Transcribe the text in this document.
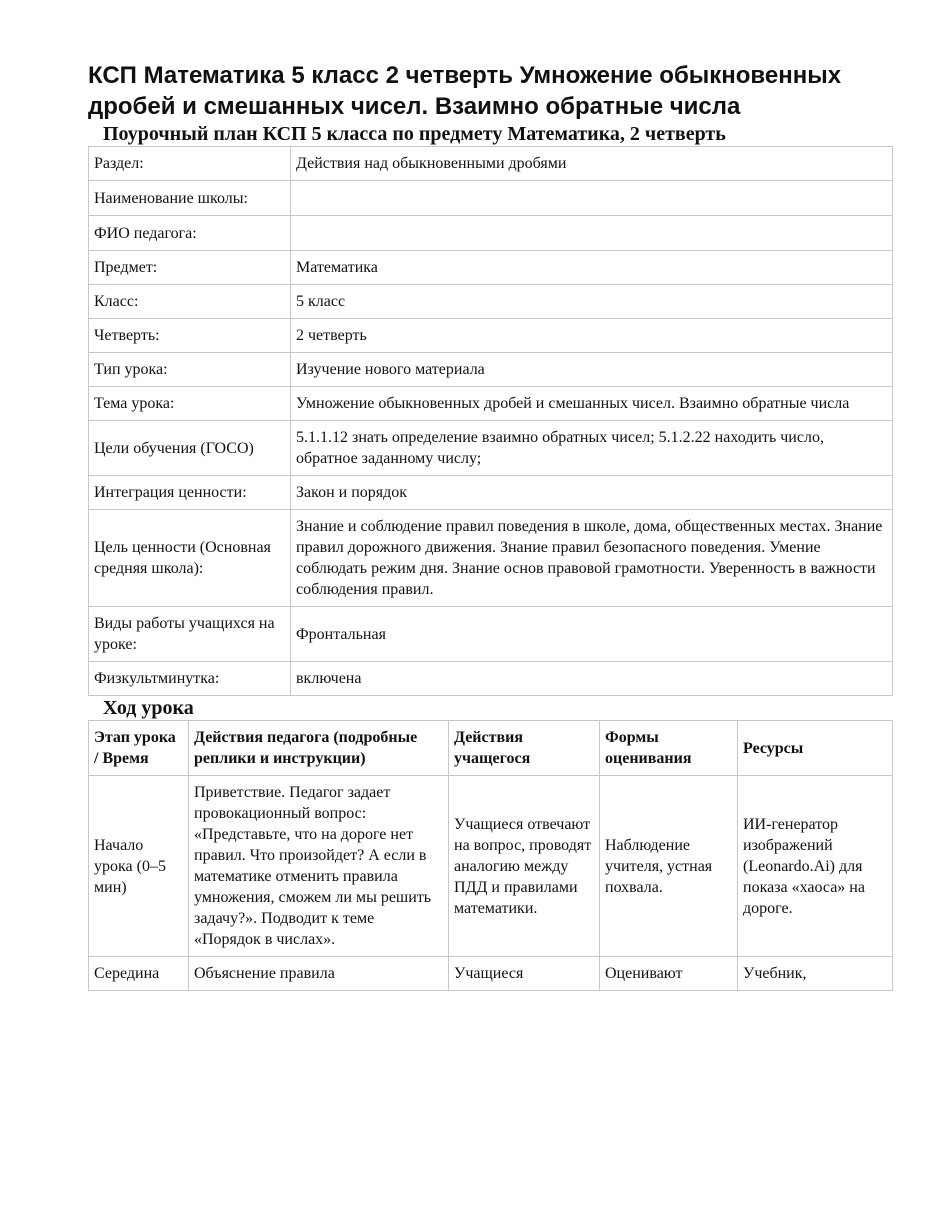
КСП Математика 5 класс 2 четверть Умножение обыкновенных дробей и смешанных чисел. Взаимно обратные числа
Поурочный план КСП 5 класса по предмету Математика, 2 четверть
Раздел:	Действия над обыкновенными дробями
Наименование школы:	
ФИО педагога:	
Предмет:	Математика
Класс:	5 класс
Четверть:	2 четверть
Тип урока:	Изучение нового материала
Тема урока:	Умножение обыкновенных дробей и смешанных чисел. Взаимно обратные числа
Цели обучения (ГОСО)	5.1.1.12 знать определение взаимно обратных чисел; 5.1.2.22 находить число, обратное заданному числу;
Интеграция ценности:	Закон и порядок
Цель ценности (Основная средняя школа):	Знание и соблюдение правил поведения в школе, дома, общественных местах. Знание правил дорожного движения. Знание правил безопасного поведения. Умение соблюдать режим дня. Знание основ правовой грамотности. Уверенность в важности соблюдения правил.
Виды работы учащихся на уроке:	Фронтальная
Физкультминутка:	включена
Ход урока
Этап урока / Время	Действия педагога (подробные реплики и инструкции)	Действия учащегося	Формы оценивания	Ресурсы
Начало урока (0–5 мин)	Приветствие. Педагог задает провокационный вопрос: «Представьте, что на дороге нет правил. Что произойдет? А если в математике отменить правила умножения, сможем ли мы решить задачу?». Подводит к теме «Порядок в числах».	Учащиеся отвечают на вопрос, проводят аналогию между ПДД и правилами математики.	Наблюдение учителя, устная похвала.	ИИ-генератор изображений (Leonardo.Ai) для показа «хаоса» на дороге.
Середина	Объяснение правила	Учащиеся	Оценивают	Учебник,
